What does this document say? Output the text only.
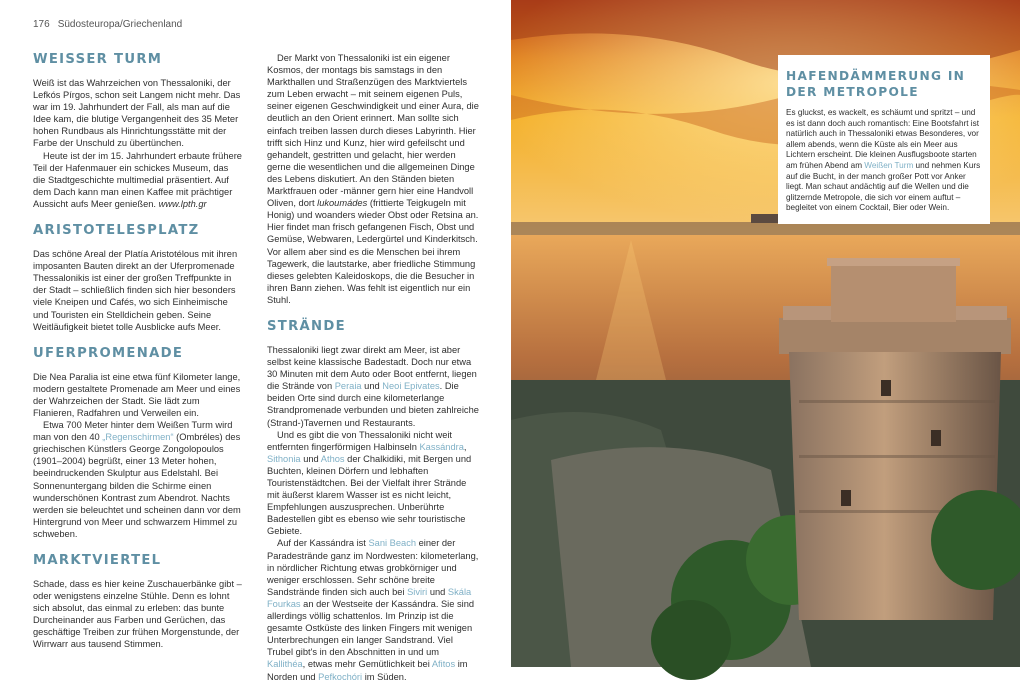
176 Südosteuropa/Griechenland
WEISSER TURM

Weiß ist das Wahrzeichen von Thessaloniki, der Lefkós Pírgos, schon seit Langem nicht mehr. Das war im 19. Jahrhundert der Fall, als man auf die Idee kam, die blutige Vergangenheit des 35 Meter hohen Rundbaus als Hinrichtungsstätte mit der Farbe der Unschuld zu übertünchen.

Heute ist der im 15. Jahrhundert erbaute frühere Teil der Hafenmauer ein schickes Museum, das die Stadtgeschichte multimedial präsentiert. Auf dem Dach kann man einen Kaffee mit prächtiger Aussicht aufs Meer genießen. www.lpth.gr

ARISTOTELESPLATZ

Das schöne Areal der Platía Aristotélous mit ihren imposanten Bauten direkt an der Uferpromenade Thessalonikis ist einer der großen Treffpunkte in der Stadt – schließlich finden sich hier besonders viele Kneipen und Cafés, wo sich Einheimische und Touristen ein Stelldichein geben. Seine Weitläufigkeit bietet tolle Ausblicke aufs Meer.

UFERPROMENADE

Die Nea Paralia ist eine etwa fünf Kilometer lange, modern gestaltete Promenade am Meer und eines der Wahrzeichen der Stadt. Sie lädt zum Flanieren, Radfahren und Verweilen ein.

Etwa 700 Meter hinter dem Weißen Turm wird man von den 40 „Regenschirmen“ (Ombréles) des griechischen Künstlers George Zongolopoulos (1901–2004) begrüßt, einer 13 Meter hohen, beeindruckenden Skulptur aus Edelstahl. Bei Sonnenuntergang bilden die Schirme einen wunderschönen Kontrast zum Abendrot. Nachts werden sie beleuchtet und scheinen dann vor dem Hintergrund von Meer und schwarzem Himmel zu schweben.

MARKTVIERTEL

Schade, dass es hier keine Zuschauerbänke gibt – oder wenigstens einzelne Stühle. Denn es lohnt sich absolut, das einmal zu erleben: das bunte Durcheinander aus Farben und Gerüchen, das geschäftige Treiben zur frühen Morgenstunde, der Wirrwarr aus tausend Stimmen.

Der Markt von Thessaloniki ist ein eigener Kosmos, der montags bis samstags in den Markthallen und Straßenzügen des Marktviertels zum Leben erwacht – mit seinem eigenen Puls, seiner eigenen Geschwindigkeit und einer Aura, die deutlich an den Orient erinnert. Man sollte sich einfach treiben lassen durch dieses Labyrinth. Hier trifft sich Hinz und Kunz, hier wird gefeilscht und gehandelt, gestritten und gelacht, hier werden gerne die wesentlichen und die allgemeinen Dinge des Lebens diskutiert. An den Ständen bieten Marktfrauen oder -männer gern hier eine Handvoll Oliven, dort lukoumádes (frittierte Teigkugeln mit Honig) und woanders wieder Obst oder Retsina an. Hier findet man frisch gefangenen Fisch, Obst und Gemüse, Webwaren, Ledergürtel und Kinderkitsch. Vor allem aber sind es die Menschen bei ihrem Tagewerk, die lautstarke, aber friedliche Stimmung dieses gelebten Kaleidoskops, die die Besucher in ihren Bann ziehen. Was fehlt ist eigentlich nur ein Stuhl.

STRÄNDE

Thessaloniki liegt zwar direkt am Meer, ist aber selbst keine klassische Badestadt. Doch nur etwa 30 Minuten mit dem Auto oder Boot entfernt, liegen die Strände von Peraia und Neoi Epivates. Die beiden Orte sind durch eine kilometerlange Strandpromenade verbunden und bieten zahlreiche (Strand-)Tavernen und Restaurants.

Und es gibt die von Thessaloniki nicht weit entfernten fingerförmigen Halbinseln Kassándra, Sithonia und Athos der Chalkidiki, mit Bergen und Buchten, kleinen Dörfern und lebhaften Touristenstädtchen. Bei der Vielfalt ihrer Strände mit äußerst klarem Wasser ist es nicht leicht, Empfehlungen auszusprechen. Unberührte Badestellen gibt es ebenso wie sehr touristische Gebiete.

Auf der Kassándra ist Sani Beach einer der Paradestrände ganz im Nordwesten: kilometerlang, in nördlicher Richtung etwas grobkörniger und weniger erschlossen. Sehr schöne breite Sandstrände finden sich auch bei Siviri und Skála Fourkas an der Westseite der Kassándra. Sie sind allerdings völlig schattenlos. Im Prinzip ist die gesamte Ostküste des linken Fingers mit wenigen Unterbrechungen ein langer Sandstrand. Viel Trubel gibt's in den Abschnitten in und um Kallithéa, etwas mehr Gemütlichkeit bei Afitos im Norden und Pefkochóri im Süden.

HAFENDÄMMERUNG IN DER METROPOLE

Es gluckst, es wackelt, es schäumt und spritzt – und es ist dann doch auch romantisch: Eine Bootsfahrt ist natürlich auch in Thessaloniki etwas Besonderes, vor allem abends, wenn die Küste als ein Meer aus Lichtern erscheint. Die kleinen Ausflugsboote starten am frühen Abend am Weißen Turm und nehmen Kurs auf die Bucht, in der manch großer Pott vor Anker liegt. Man schaut andächtig auf die Wellen und die glitzernde Metropole, die sich vor einem auftut – begleitet von einem Cocktail, Bier oder Wein.
